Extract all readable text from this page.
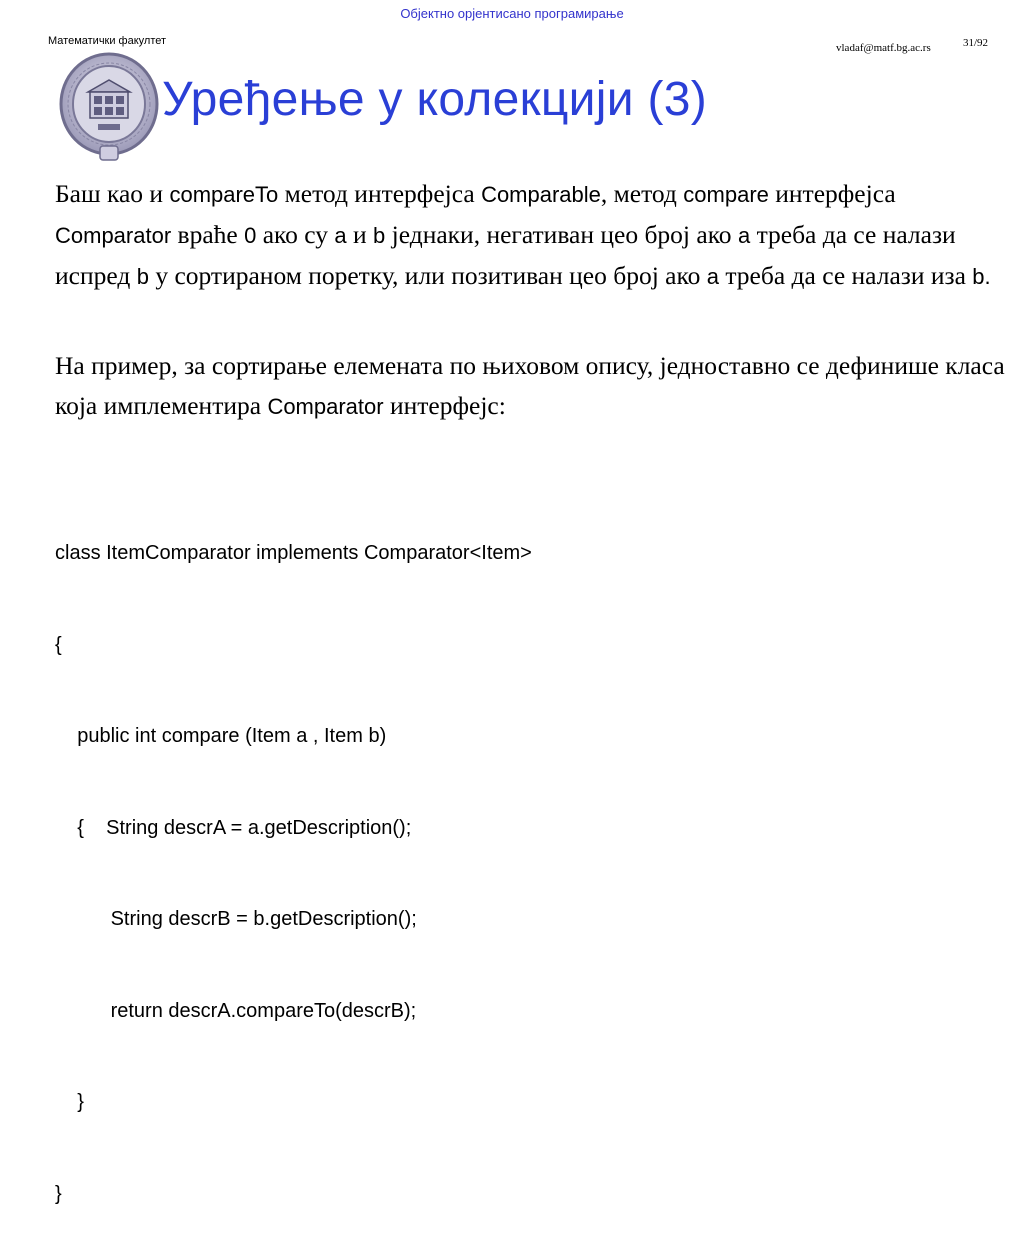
Објектно орјентисано програмирање
Математички факултет
vladaf@matf.bg.ac.rs	31/92
Уређење у колекцији (3)
Баш као и compareTo метод интерфејса Comparable, метод compare интерфејса Comparator враће 0 ако су a и b једнаки, негативан цео број ако a треба да се налази испред b у сортираном поретку, или позитиван цео број ако a треба да се налази иза b.
На пример, за сортирање елемената по њиховом опису, једноставно се дефинише класа која имплементира Comparator интерфејс:

class ItemComparator implements Comparator<Item>

{

public int compare (Item a , Item b)

{    String descrA = a.getDescription();

String descrB = b.getDescription();

return descrA.compareTo(descrB);

}

}
